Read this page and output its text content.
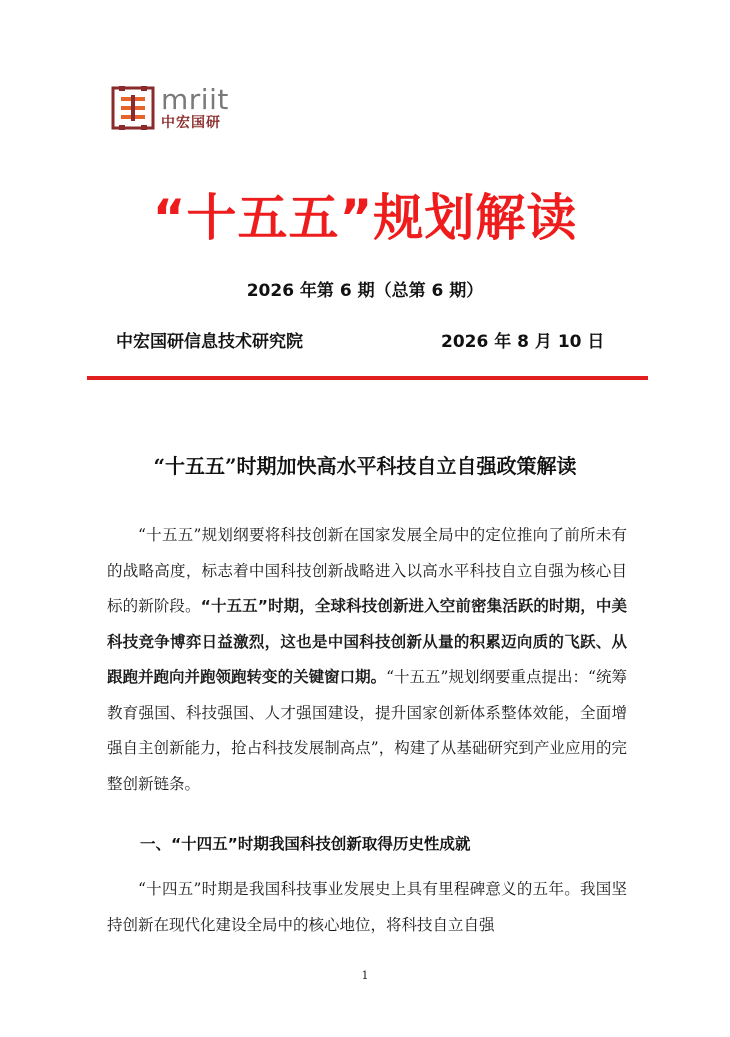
mriit
中宏国研
“十五五”规划解读
2026 年第 6 期（总第 6 期）
中宏国研信息技术研究院	2026 年 8 月 10 日
“十五五”时期加快高水平科技自立自强政策解读
“十五五”规划纲要将科技创新在国家发展全局中的定位推向了前所未有的战略高度，标志着中国科技创新战略进入以高水平科技自立自强为核心目标的新阶段。“十五五”时期，全球科技创新进入空前密集活跃的时期，中美科技竞争博弈日益激烈，这也是中国科技创新从量的积累迈向质的飞跃、从跟跑并跑向并跑领跑转变的关键窗口期。“十五五”规划纲要重点提出：“统筹教育强国、科技强国、人才强国建设，提升国家创新体系整体效能，全面增强自主创新能力，抢占科技发展制高点”，构建了从基础研究到产业应用的完整创新链条。
一、“十四五”时期我国科技创新取得历史性成就
“十四五”时期是我国科技事业发展史上具有里程碑意义的五年。我国坚持创新在现代化建设全局中的核心地位，将科技自立自强
1
